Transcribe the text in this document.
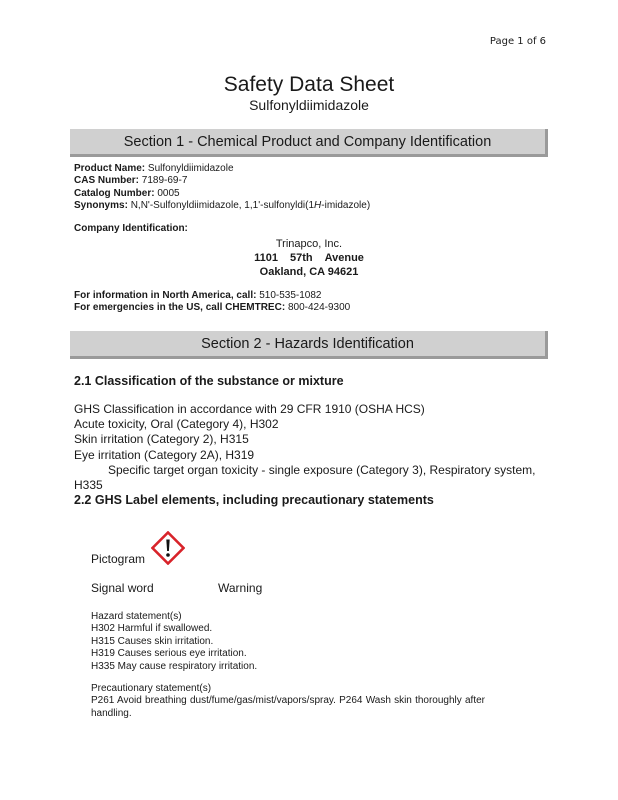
Page 1 of 6
Safety Data Sheet
Sulfonyldiimidazole
Section 1 - Chemical Product and Company Identification
Product Name: Sulfonyldiimidazole
CAS Number: 7189-69-7
Catalog Number: 0005
Synonyms: N,N'-Sulfonyldiimidazole, 1,1'-sulfonyldi(1H-imidazole)
Company Identification:
Trinapco, Inc.
1101 57th Avenue
Oakland, CA 94621
For information in North America, call: 510-535-1082
For emergencies in the US, call CHEMTREC: 800-424-9300
Section 2 - Hazards Identification
2.1 Classification of the substance or mixture
GHS Classification in accordance with 29 CFR 1910 (OSHA HCS)
Acute toxicity, Oral (Category 4), H302
Skin irritation (Category 2), H315
Eye irritation (Category 2A), H319
Specific target organ toxicity - single exposure (Category 3), Respiratory system, H335
2.2 GHS Label elements, including precautionary statements
Pictogram
Signal word	Warning
Hazard statement(s)
H302 Harmful if swallowed.
H315 Causes skin irritation.
H319 Causes serious eye irritation.
H335 May cause respiratory irritation.
Precautionary statement(s)
P261 Avoid breathing dust/fume/gas/mist/vapors/spray. P264 Wash skin thoroughly after handling.
